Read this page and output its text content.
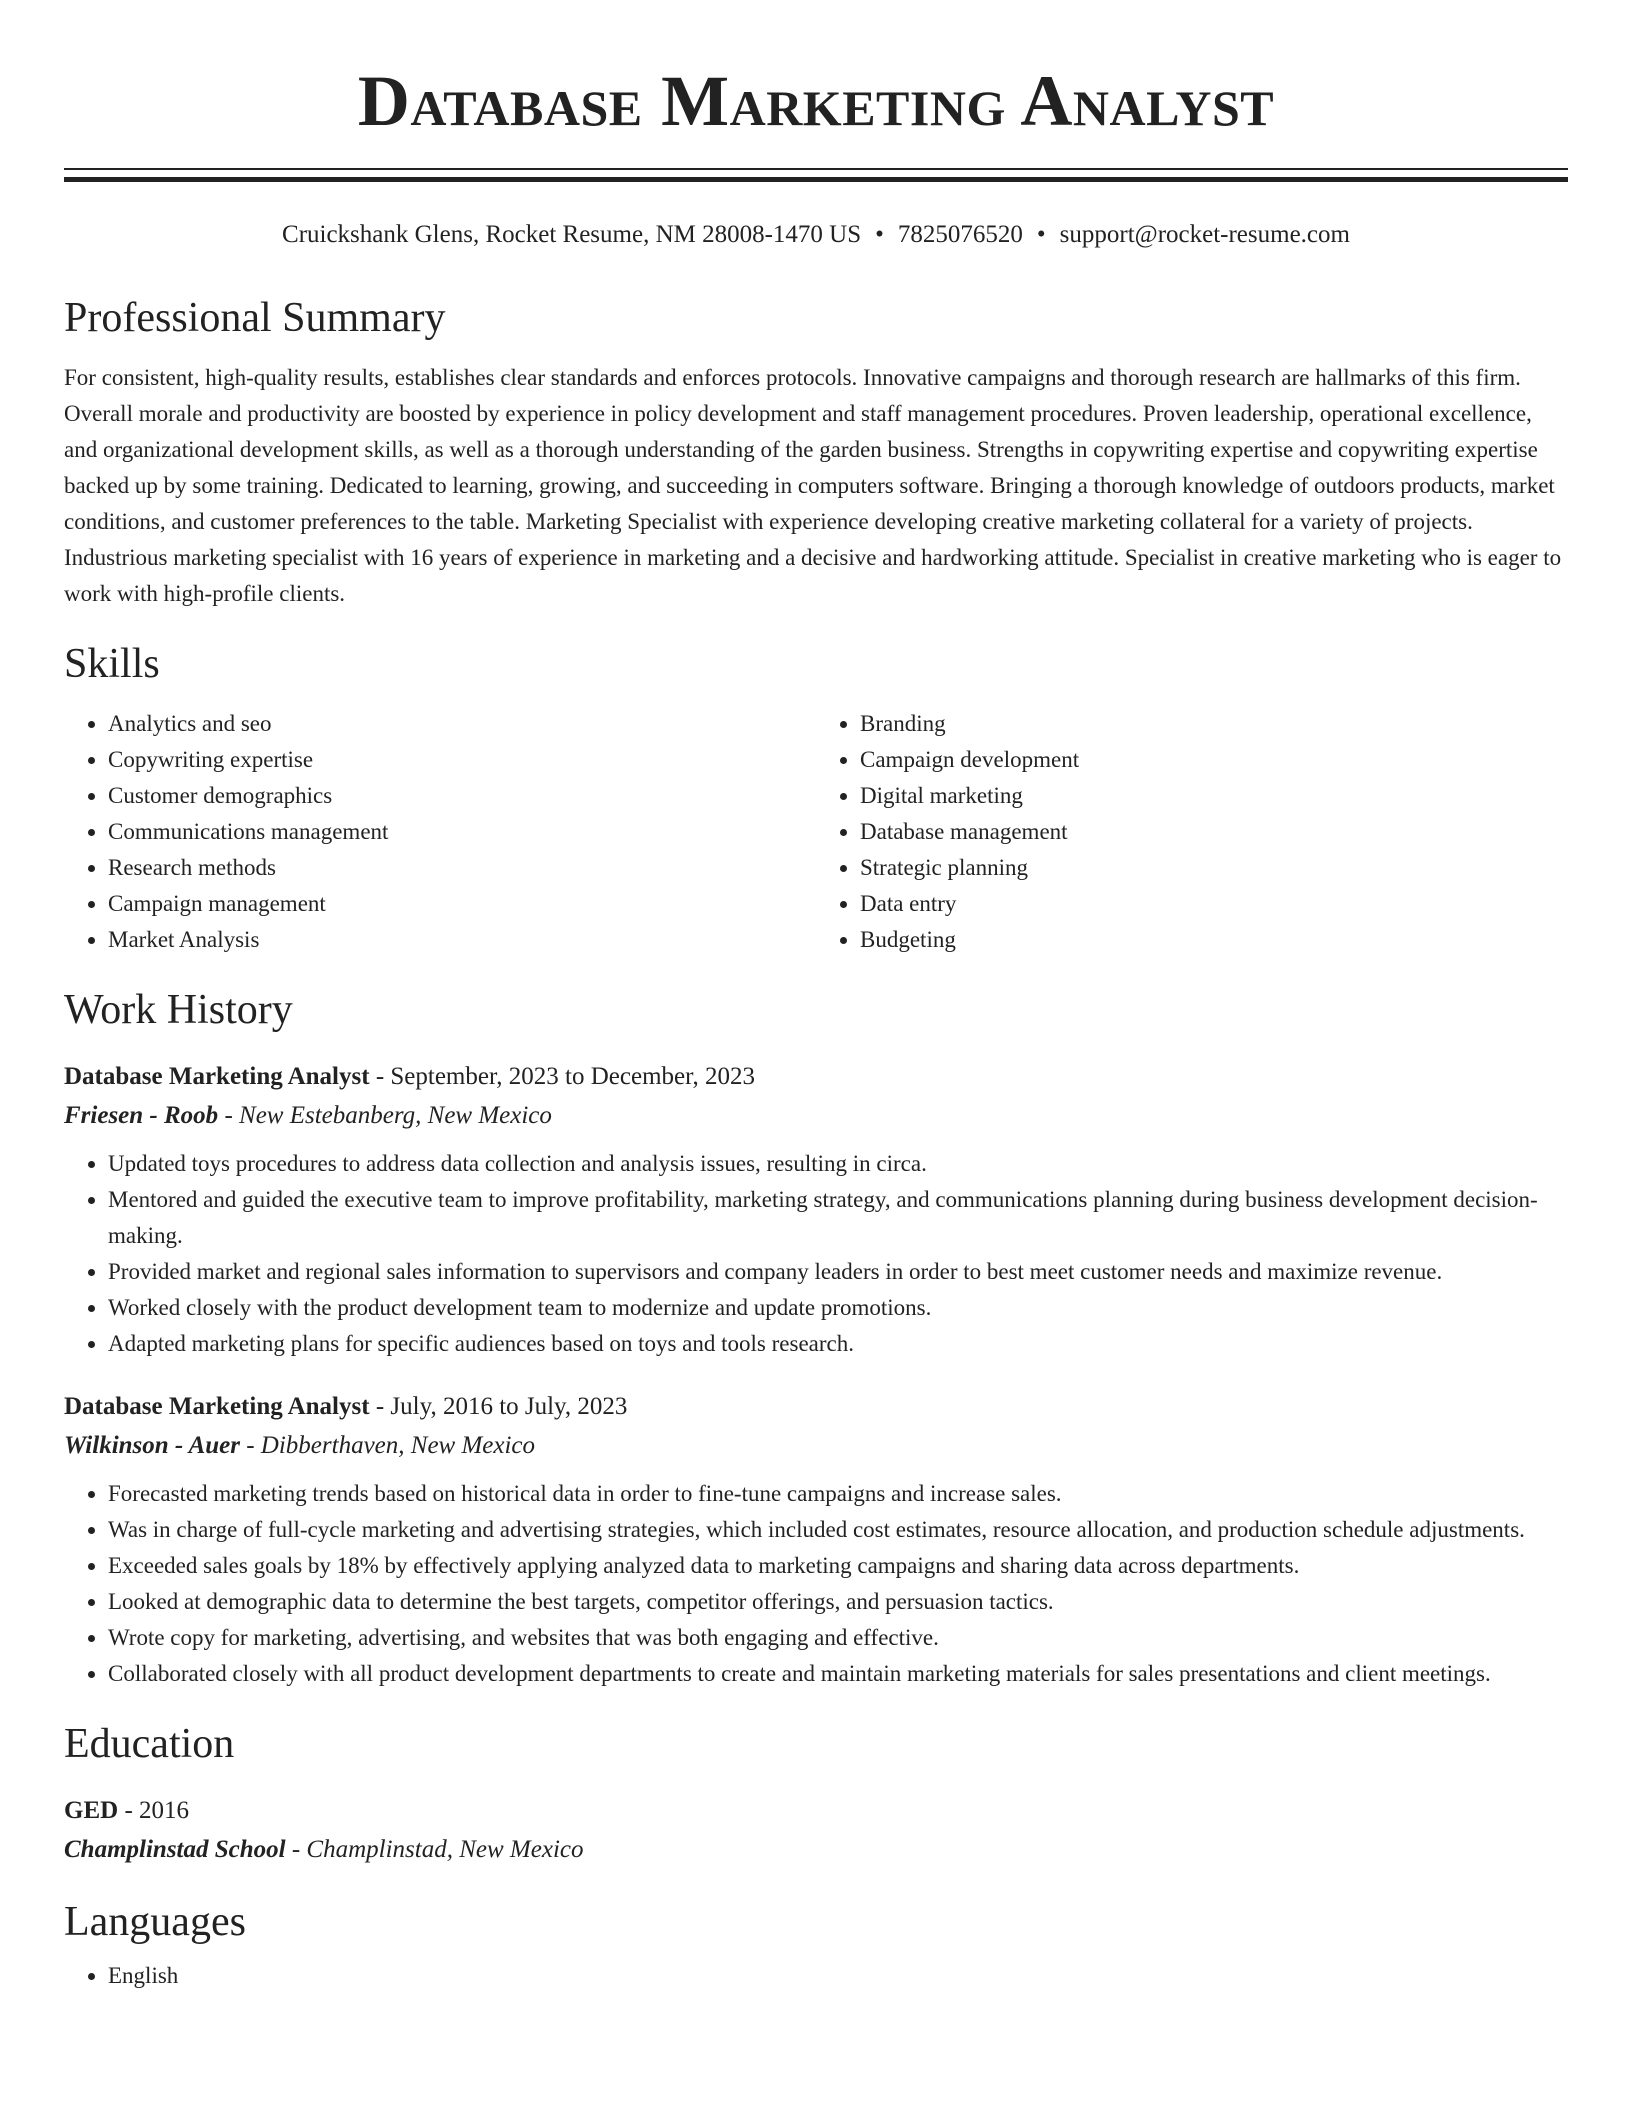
Database Marketing Analyst
Cruickshank Glens, Rocket Resume, NM 28008-1470 US • 7825076520 • support@rocket-resume.com
Professional Summary
For consistent, high-quality results, establishes clear standards and enforces protocols. Innovative campaigns and thorough research are hallmarks of this firm. Overall morale and productivity are boosted by experience in policy development and staff management procedures. Proven leadership, operational excellence, and organizational development skills, as well as a thorough understanding of the garden business. Strengths in copywriting expertise and copywriting expertise backed up by some training. Dedicated to learning, growing, and succeeding in computers software. Bringing a thorough knowledge of outdoors products, market conditions, and customer preferences to the table. Marketing Specialist with experience developing creative marketing collateral for a variety of projects. Industrious marketing specialist with 16 years of experience in marketing and a decisive and hardworking attitude. Specialist in creative marketing who is eager to work with high-profile clients.
Skills
• Analytics and seo
• Copywriting expertise
• Customer demographics
• Communications management
• Research methods
• Campaign management
• Market Analysis
• Branding
• Campaign development
• Digital marketing
• Database management
• Strategic planning
• Data entry
• Budgeting
Work History
Database Marketing Analyst - September, 2023 to December, 2023
Friesen - Roob - New Estebanberg, New Mexico
• Updated toys procedures to address data collection and analysis issues, resulting in circa.
• Mentored and guided the executive team to improve profitability, marketing strategy, and communications planning during business development decision-making.
• Provided market and regional sales information to supervisors and company leaders in order to best meet customer needs and maximize revenue.
• Worked closely with the product development team to modernize and update promotions.
• Adapted marketing plans for specific audiences based on toys and tools research.
Database Marketing Analyst - July, 2016 to July, 2023
Wilkinson - Auer - Dibberthaven, New Mexico
• Forecasted marketing trends based on historical data in order to fine-tune campaigns and increase sales.
• Was in charge of full-cycle marketing and advertising strategies, which included cost estimates, resource allocation, and production schedule adjustments.
• Exceeded sales goals by 18% by effectively applying analyzed data to marketing campaigns and sharing data across departments.
• Looked at demographic data to determine the best targets, competitor offerings, and persuasion tactics.
• Wrote copy for marketing, advertising, and websites that was both engaging and effective.
• Collaborated closely with all product development departments to create and maintain marketing materials for sales presentations and client meetings.
Education
GED - 2016
Champlinstad School - Champlinstad, New Mexico
Languages
• English
